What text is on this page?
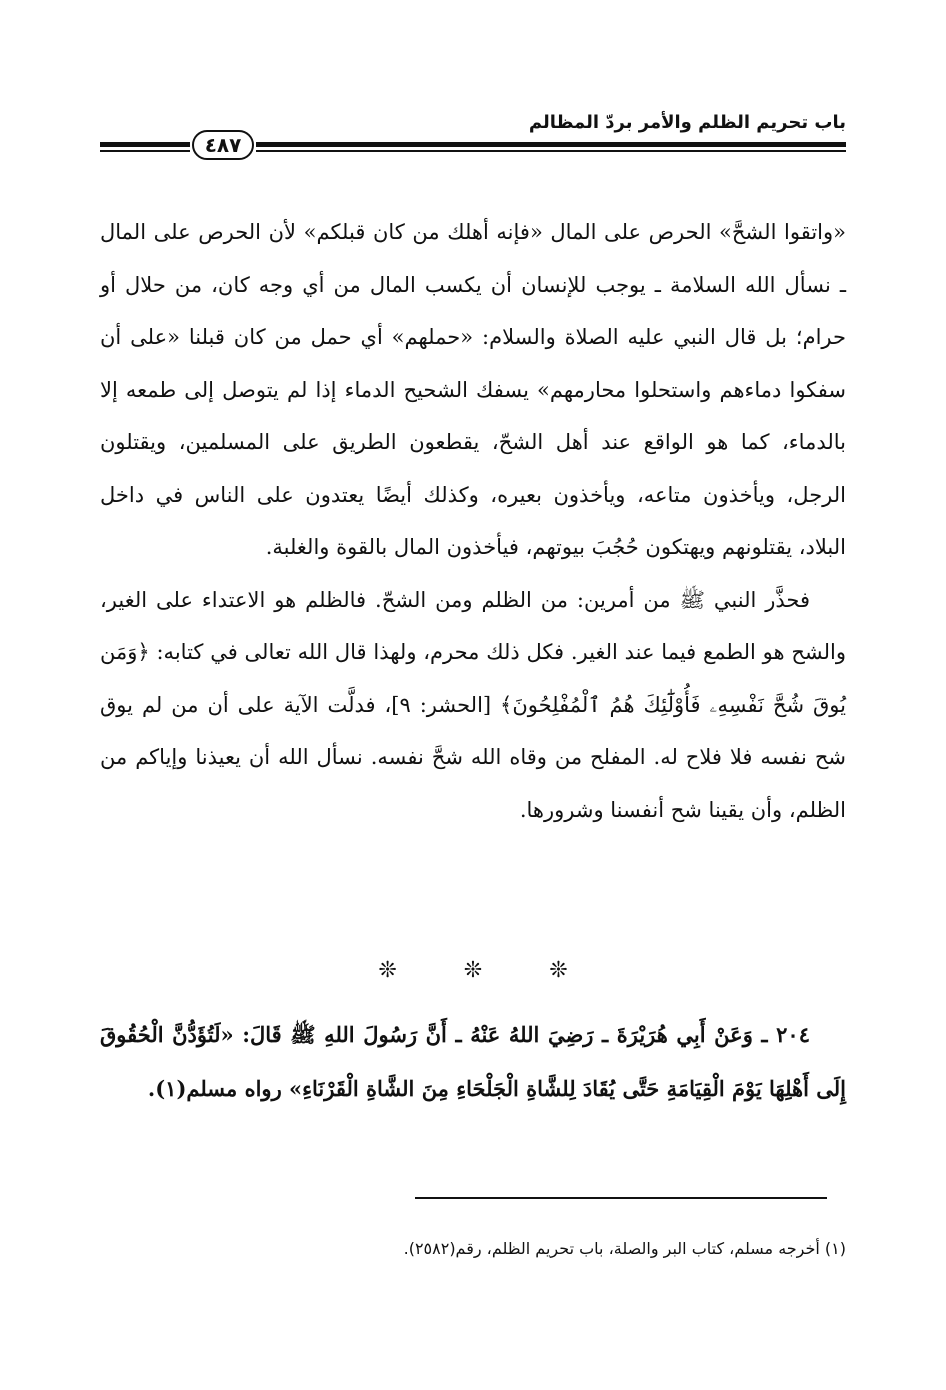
باب تحريم الظلم والأمر بردّ المظالم
٤٨٧

«واتقوا الشحَّ» الحرص على المال «فإنه أهلك من كان قبلكم» لأن الحرص على المال ـ نسأل الله السلامة ـ يوجب للإنسان أن يكسب المال من أي وجه كان، من حلال أو حرام؛ بل قال النبي عليه الصلاة والسلام: «حملهم» أي حمل من كان قبلنا «على أن سفكوا دماءهم واستحلوا محارمهم» يسفك الشحيح الدماء إذا لم يتوصل إلى طمعه إلا بالدماء، كما هو الواقع عند أهل الشحّ، يقطعون الطريق على المسلمين، ويقتلون الرجل، ويأخذون متاعه، ويأخذون بعيره، وكذلك أيضًا يعتدون على الناس في داخل البلاد، يقتلونهم ويهتكون حُجُبَ بيوتهم، فيأخذون المال بالقوة والغلبة.

فحذَّر النبي ﷺ من أمرين: من الظلم ومن الشحّ. فالظلم هو الاعتداء على الغير، والشح هو الطمع فيما عند الغير. فكل ذلك محرم، ولهذا قال الله تعالى في كتابه: ﴿وَمَن يُوقَ شُحَّ نَفْسِهِۦ فَأُوْلَٰٓئِكَ هُمُ ٱلْمُفْلِحُونَ﴾ [الحشر: ٩]، فدلَّت الآية على أن من لم يوق شح نفسه فلا فلاح له. المفلح من وقاه الله شحَّ نفسه. نسأل الله أن يعيذنا وإياكم من الظلم، وأن يقينا شح أنفسنا وشرورها.

❊ ❊ ❊

٢٠٤ ـ وَعَنْ أَبِي هُرَيْرَةَ ـ رَضِيَ اللهُ عَنْهُ ـ أَنَّ رَسُولَ اللهِ ﷺ قَالَ: «لَتُؤَدُّنَّ الْحُقُوقَ إِلَى أَهْلِهَا يَوْمَ الْقِيَامَةِ حَتَّى يُقَادَ لِلشَّاةِ الْجَلْحَاءِ مِنَ الشَّاةِ الْقَرْنَاءِ» رواه مسلم(١).

(١) أخرجه مسلم، كتاب البر والصلة، باب تحريم الظلم، رقم(٢٥٨٢).
